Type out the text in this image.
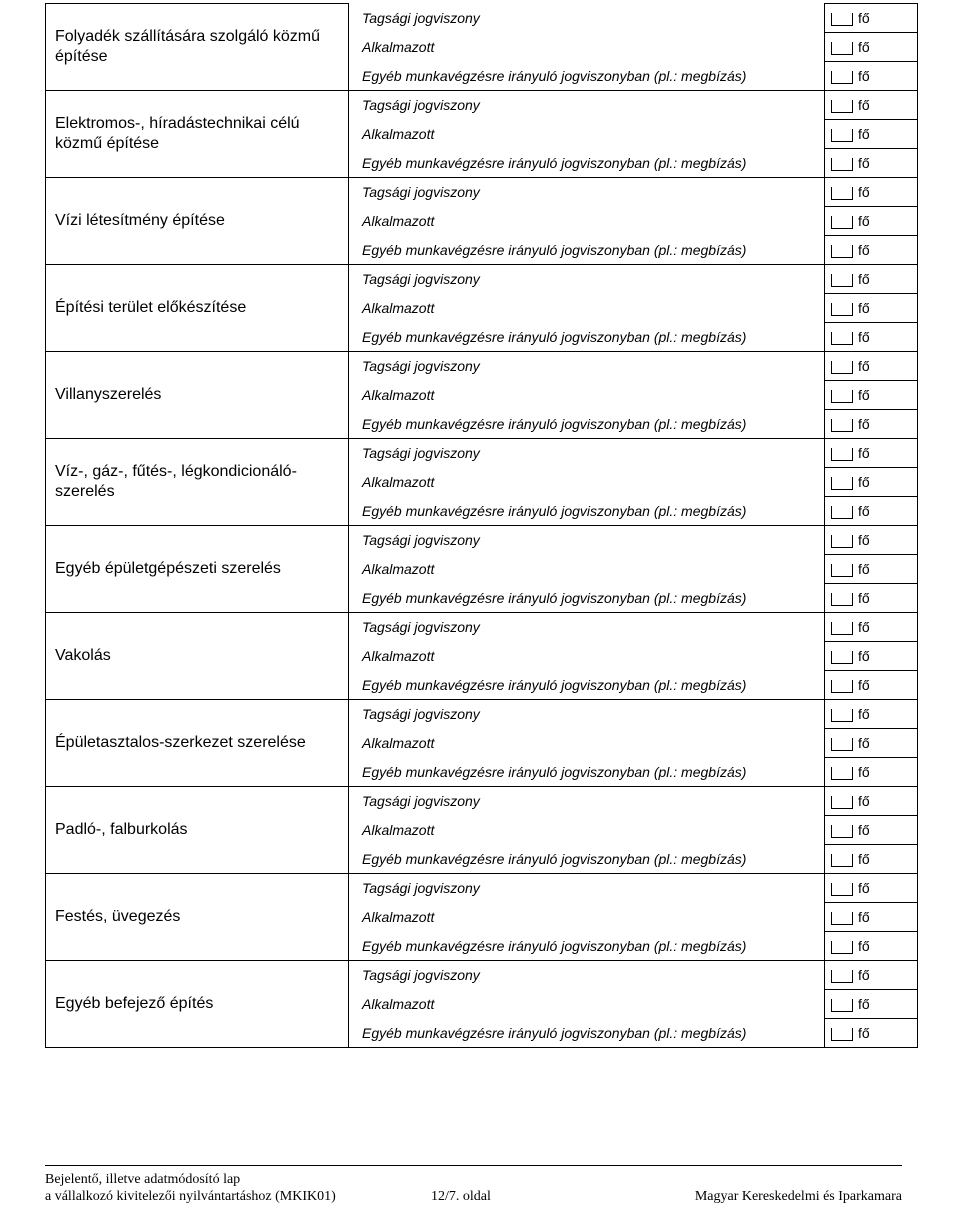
Folyadék szállítására szolgáló közmű építése	Tagsági jogviszony	fő
	Alkalmazott	fő
	Egyéb munkavégzésre irányuló jogviszonyban (pl.: megbízás)	fő
Elektromos-, híradástechnikai célú közmű építése	Tagsági jogviszony	fő
	Alkalmazott	fő
	Egyéb munkavégzésre irányuló jogviszonyban (pl.: megbízás)	fő
Vízi létesítmény építése	Tagsági jogviszony	fő
	Alkalmazott	fő
	Egyéb munkavégzésre irányuló jogviszonyban (pl.: megbízás)	fő
Építési terület előkészítése	Tagsági jogviszony	fő
	Alkalmazott	fő
	Egyéb munkavégzésre irányuló jogviszonyban (pl.: megbízás)	fő
Villanyszerelés	Tagsági jogviszony	fő
	Alkalmazott	fő
	Egyéb munkavégzésre irányuló jogviszonyban (pl.: megbízás)	fő
Víz-, gáz-, fűtés-, légkondicionáló-szerelés	Tagsági jogviszony	fő
	Alkalmazott	fő
	Egyéb munkavégzésre irányuló jogviszonyban (pl.: megbízás)	fő
Egyéb épületgépészeti szerelés	Tagsági jogviszony	fő
	Alkalmazott	fő
	Egyéb munkavégzésre irányuló jogviszonyban (pl.: megbízás)	fő
Vakolás	Tagsági jogviszony	fő
	Alkalmazott	fő
	Egyéb munkavégzésre irányuló jogviszonyban (pl.: megbízás)	fő
Épületasztalos-szerkezet szerelése	Tagsági jogviszony	fő
	Alkalmazott	fő
	Egyéb munkavégzésre irányuló jogviszonyban (pl.: megbízás)	fő
Padló-, falburkolás	Tagsági jogviszony	fő
	Alkalmazott	fő
	Egyéb munkavégzésre irányuló jogviszonyban (pl.: megbízás)	fő
Festés, üvegezés	Tagsági jogviszony	fő
	Alkalmazott	fő
	Egyéb munkavégzésre irányuló jogviszonyban (pl.: megbízás)	fő
Egyéb befejező építés	Tagsági jogviszony	fő
	Alkalmazott	fő
	Egyéb munkavégzésre irányuló jogviszonyban (pl.: megbízás)	fő
Bejelentő, illetve adatmódosító lap
a vállalkozó kivitelezői nyilvántartáshoz (MKIK01)	12/7. oldal	Magyar Kereskedelmi és Iparkamara
